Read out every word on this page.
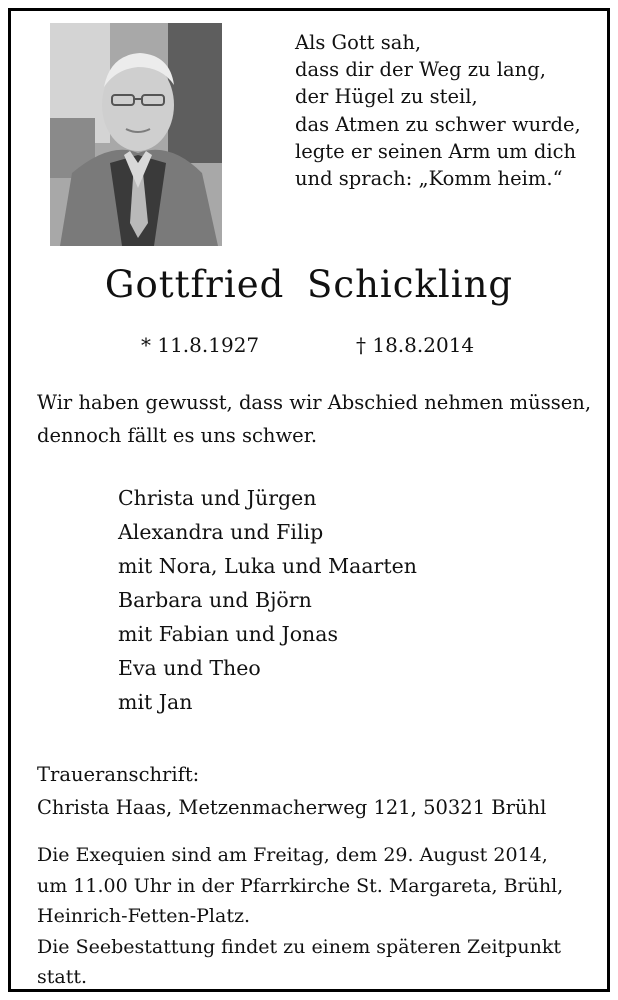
Als Gott sah,
dass dir der Weg zu lang,
der Hügel zu steil,
das Atmen zu schwer wurde,
legte er seinen Arm um dich
und sprach: „Komm heim.“
Gottfried Schickling
* 11.8.1927	† 18.8.2014
Wir haben gewusst, dass wir Abschied nehmen müssen,
dennoch fällt es uns schwer.
Christa und Jürgen
Alexandra und Filip
mit Nora, Luka und Maarten
Barbara und Björn
mit Fabian und Jonas
Eva und Theo
mit Jan
Traueranschrift:
Christa Haas, Metzenmacherweg 121, 50321 Brühl
Die Exequien sind am Freitag, dem 29. August 2014,
um 11.00 Uhr in der Pfarrkirche St. Margareta, Brühl,
Heinrich-Fetten-Platz.
Die Seebestattung findet zu einem späteren Zeitpunkt
statt.
